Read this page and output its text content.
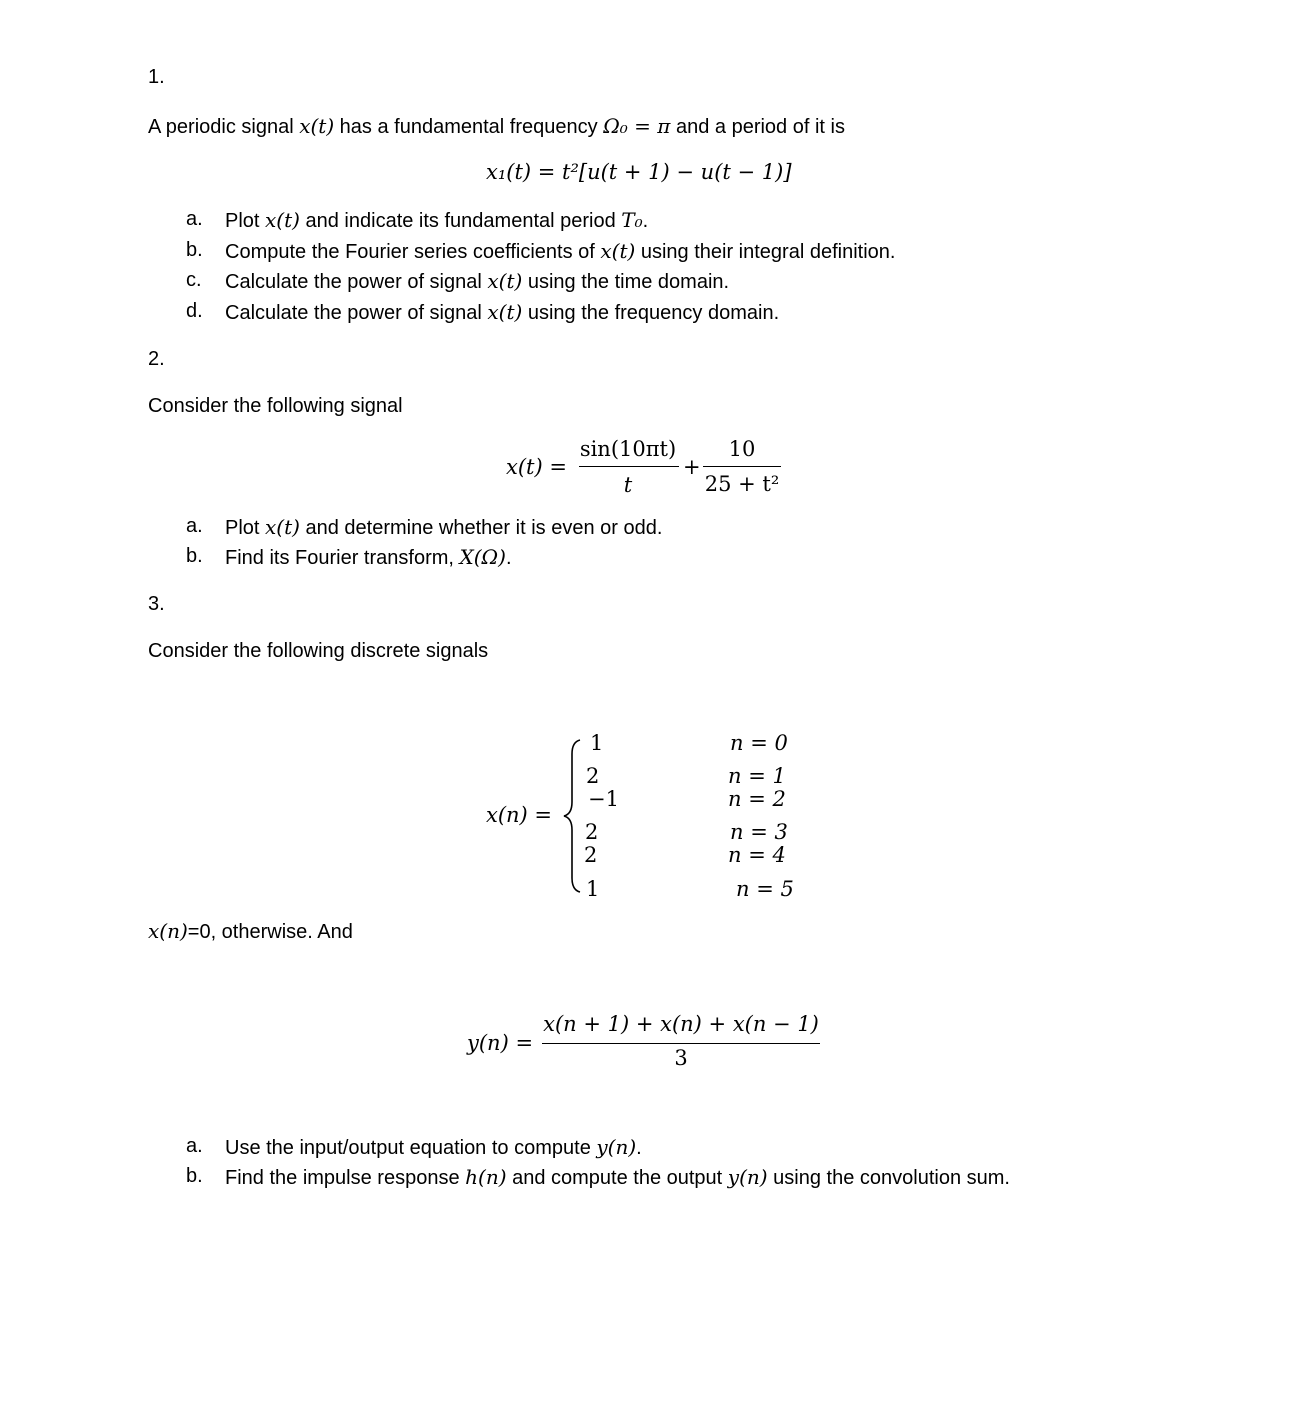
1.
A periodic signal x(t) has a fundamental frequency Ω₀ = π and a period of it is
x₁(t) = t²[u(t + 1) − u(t − 1)]
a. Plot x(t) and indicate its fundamental period T₀.
b. Compute the Fourier series coefficients of x(t) using their integral definition.
c. Calculate the power of signal x(t) using the time domain.
d. Calculate the power of signal x(t) using the frequency domain.
2.
Consider the following signal
x(t) =
sin(10πt)
t
+
10
25 + t²
a. Plot x(t) and determine whether it is even or odd.
b. Find its Fourier transform, X(Ω).
3.
Consider the following discrete signals
x(n) =
1	n = 0
2	n = 1
−1	n = 2
2	n = 3
2	n = 4
1	n = 5
x(n)=0, otherwise. And
y(n) =
x(n + 1) + x(n) + x(n − 1)
3
a. Use the input/output equation to compute y(n).
b. Find the impulse response h(n) and compute the output y(n) using the convolution sum.
